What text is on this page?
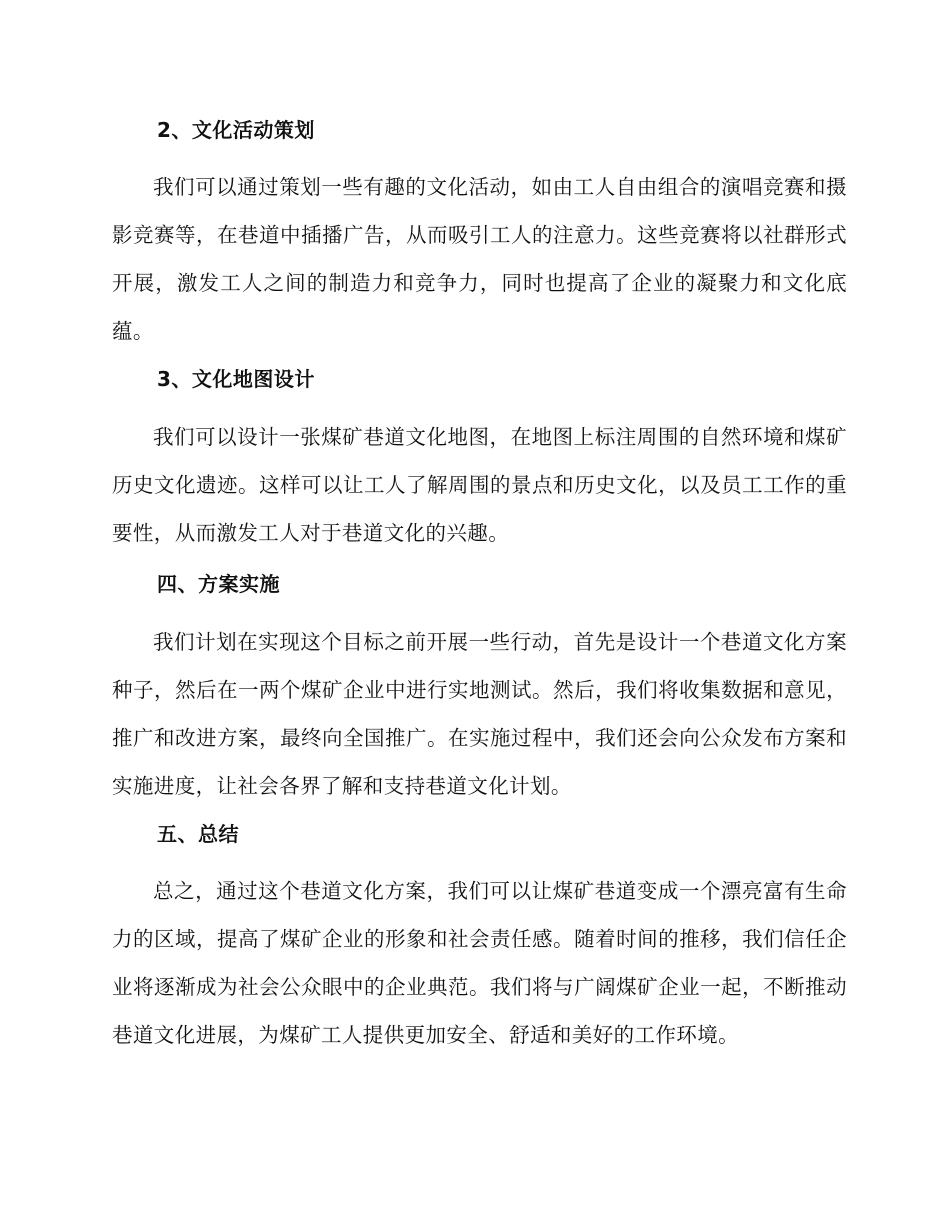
2、文化活动策划

我们可以通过策划一些有趣的文化活动，如由工人自由组合的演唱竞赛和摄影竞赛等，在巷道中插播广告，从而吸引工人的注意力。这些竞赛将以社群形式开展，激发工人之间的制造力和竞争力，同时也提高了企业的凝聚力和文化底蕴。

3、文化地图设计

我们可以设计一张煤矿巷道文化地图，在地图上标注周围的自然环境和煤矿历史文化遗迹。这样可以让工人了解周围的景点和历史文化，以及员工工作的重要性，从而激发工人对于巷道文化的兴趣。

四、方案实施

我们计划在实现这个目标之前开展一些行动，首先是设计一个巷道文化方案种子，然后在一两个煤矿企业中进行实地测试。然后，我们将收集数据和意见，推广和改进方案，最终向全国推广。在实施过程中，我们还会向公众发布方案和实施进度，让社会各界了解和支持巷道文化计划。

五、总结

总之，通过这个巷道文化方案，我们可以让煤矿巷道变成一个漂亮富有生命力的区域，提高了煤矿企业的形象和社会责任感。随着时间的推移，我们信任企业将逐渐成为社会公众眼中的企业典范。我们将与广阔煤矿企业一起，不断推动巷道文化进展，为煤矿工人提供更加安全、舒适和美好的工作环境。
